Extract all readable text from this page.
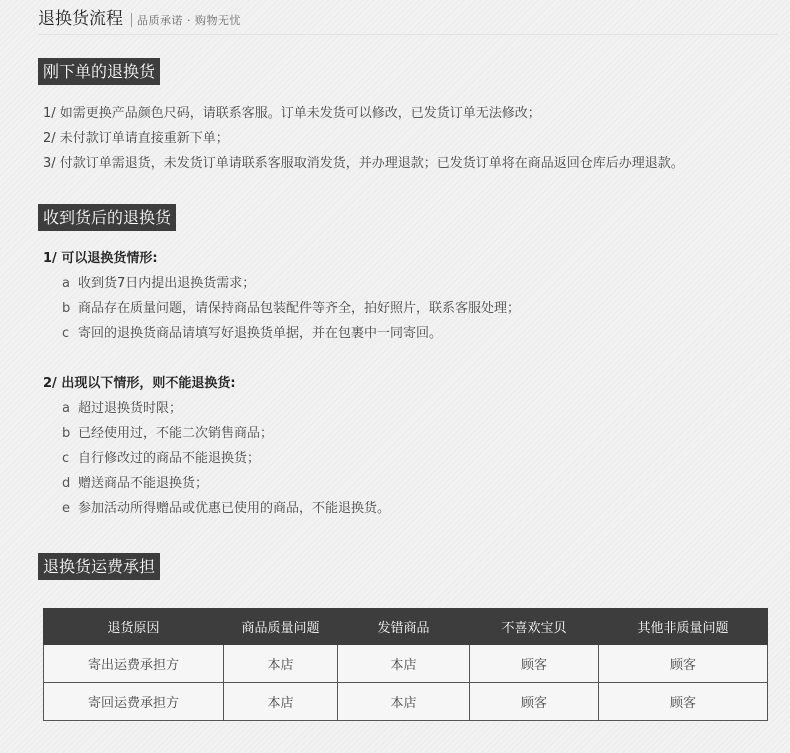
退换货流程 品质承诺 · 购物无忧
刚下单的退换货
1/ 如需更换产品颜色尺码，请联系客服。订单未发货可以修改，已发货订单无法修改；
2/ 未付款订单请直接重新下单；
3/ 付款订单需退货，未发货订单请联系客服取消发货，并办理退款；已发货订单将在商品返回仓库后办理退款。
收到货后的退换货
1/ 可以退换货情形:
a 收到货7日内提出退换货需求；
b 商品存在质量问题，请保持商品包装配件等齐全，拍好照片，联系客服处理；
c 寄回的退换货商品请填写好退换货单据，并在包裹中一同寄回。
2/ 出现以下情形，则不能退换货:
a 超过退换货时限；
b 已经使用过，不能二次销售商品；
c 自行修改过的商品不能退换货；
d 赠送商品不能退换货；
e 参加活动所得赠品或优惠已使用的商品，不能退换货。
退换货运费承担
退货原因	商品质量问题	发错商品	不喜欢宝贝	其他非质量问题
寄出运费承担方	本店	本店	顾客	顾客
寄回运费承担方	本店	本店	顾客	顾客
